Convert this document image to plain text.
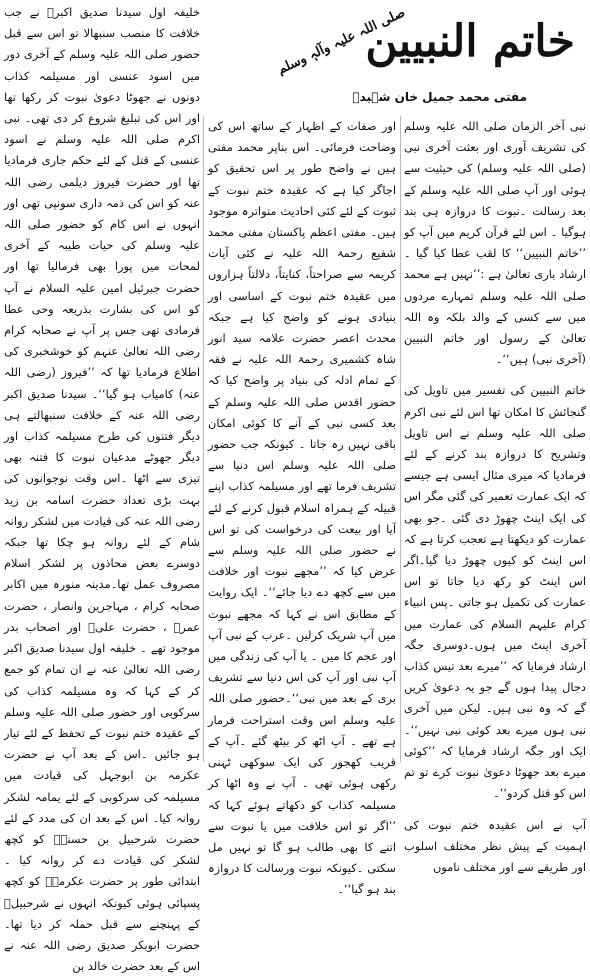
خاتم النبیین
صلی اللہ علیہ وآلہٖ وسلم
مفتی محمد جمیل خان شہیدؒ

نبی آخر الزمان صلی اللہ علیہ وسلم کی تشریف آوری اور بعثت آخری نبی (صلی اللہ علیہ وسلم) کی حیثیت سے ہوئی اور آپ صلی اللہ علیہ وسلم کے بعد رسالت ۔نبوت کا دروازہ ہی بند ہوگیا ۔ اس لئے قرآن کریم میں آپ کو ’’خاتم النبیین‘‘ کا لقب عطا کیا گیا ۔ ارشاد باری تعالیٰ ہے :’’نہیں ہے محمد صلی اللہ علیہ وسلم تمہارے مردوں میں سے کسی کے والد بلکہ وہ اللہ تعالیٰ کے رسول اور خاتم النبیین (آخری نبی) ہیں‘‘۔

خاتم النبیین کی تفسیر میں تاویل کی گنجائش کا امکان تھا اس لئے نبی اکرم صلی اللہ علیہ وسلم نے اس تاویل وتشریح کا دروازہ بند کرنے کے لئے فرمادیا کہ میری مثال ایسی ہے جیسے کہ ایک عمارت تعمیر کی گئی مگر اس کی ایک اینٹ چھوڑ دی گئی ۔جو بھی عمارت کو دیکھتا ہے تعجب کرتا ہے کہ اس اینٹ کو کیوں چھوڑ دیا گیا۔اگر اس اینٹ کو رکھ دیا جاتا تو اس عمارت کی تکمیل ہو جاتی ۔پس انبیاء کرام علیہم السلام کی عمارت میں آخری اینٹ میں ہوں۔دوسری جگہ ارشاد فرمایا کہ ’’میرے بعد تیس کذاب دجال پیدا ہوں گے جو یہ دعویٰ کریں گے کہ وہ نبی ہیں۔ لیکن میں آخری نبی ہوں میرے بعد کوئی نبی نہیں‘‘۔ایک اور جگہ ارشاد فرمایا کہ ’’کوئی میرے بعد جھوٹا دعویٰ نبوت کرے تو تم اس کو قتل کردو‘‘۔

آپ نے اس عقیدہ ختم نبوت کی اہمیت کے پیش نظر مختلف اسلوب اور طریقے سے اور مختلف ناموں

اور صفات کے اظہار کے ساتھ اس کی وضاحت فرمائی۔ اس بناپر محمد مفتی ہیں نے واضح طور پر اس تحقیق کو اجاگر کیا ہے کہ عقیدہ ختم نبوت کے ثبوت کے لئے کئی احادیث متواترہ موجود ہیں۔ مفتی اعظم پاکستان مفتی محمد شفیع رحمۃ اللہ علیہ نے کئی آیات کریمہ سے صراحتاً، کنایتاً، دلالتاً ہزاروں میں عقیدہ ختم نبوت کے اساسی اور بنیادی ہونے کو واضح کیا ہے جبکہ محدث اعصر حضرت علامہ سید انور شاہ کشمیری رحمۃ اللہ علیہ نے فقہ کے تمام ادلہ کی بنیاد پر واضح کیا کہ حضور اقدس صلی اللہ علیہ وسلم کے بعد کسی نبی کے آنے کا کوئی امکان باقی نہیں رہ جاتا ۔ کیونکہ جب حضور صلی اللہ علیہ وسلم اس دنیا سے تشریف فرما تھے اور مسیلمہ کذاب اپنے قبیلہ کے ہمراہ اسلام قبول کرنے کے لئے آیا اور بیعت کی درخواست کی تو اس نے حضور صلی اللہ علیہ وسلم سے عرض کیا کہ ’’مجھے نبوت اور خلافت میں سے کچھ دے دیا جائے‘‘۔ ایک روایت کے مطابق اس نے کہا کہ مجھے نبوت میں آپ شریک کرلیں ۔عرب کے نبی آپ اور عجم کا میں ۔ یا آپ کی زندگی میں آپ نبی اور آپ کی اس دنیا سے تشریف بری کے بعد میں نبی‘‘۔حضور صلی اللہ علیہ وسلم اس وقت استراحت فرمار ہے تھے ۔ آپ اٹھ کر بیٹھ گئے ۔آپ کے قریب کھجور کی ایک سوکھی ٹہنی رکھی ہوئی تھی ۔ آپ نے وہ اٹھا کر مسیلمہ کذاب کو دکھاتے ہوئے کہا کہ ’’اگر تو اس خلافت میں یا نبوت سے اتنے کا بھی طالب ہو گا تو نہیں مل سکتی ۔کیونکہ نبوت ورسالت کا دروازہ بند ہو گیا‘‘۔

خلیفہ اول سیدنا صدیق اکبرؓ نے جب خلافت کا منصب سنبھالا تو اس سے قبل حضور صلی اللہ علیہ وسلم کے آخری دور میں اسود عنسی اور مسیلمہ کذاب دونوں نے جھوٹا دعویٰ نبوت کر رکھا تھا اور اس کی تبلیغ شروع کر دی تھی۔ نبی اکرم صلی اللہ علیہ وسلم نے اسود عنسی کے قتل کے لئے حکم جاری فرمادیا تھا اور حضرت فیروز دیلمی رضی اللہ عنہ کو اس کی ذمہ داری سونپی تھی اور انہوں نے اس کام کو حضور صلی اللہ علیہ وسلم کی حیات طیبہ کے آخری لمحات میں پورا بھی فرمالیا تھا اور حضرت جبرئیل امین علیہ السلام نے آپ کو اس کی بشارت بذریعہ وحی عطا فرمادی تھی جس پر آپ نے صحابہ کرام رضی اللہ تعالیٰ عنہم کو خوشخبری کی اطلاع فرمادیا تھا کہ ’’فیروز (رضی اللہ عنہ) کامیاب ہو گیا‘‘۔ سیدنا صدیق اکبر رضی اللہ عنہ کے خلافت سنبھالتے ہی دیگر فتنوں کی طرح مسیلمہ کذاب اور دیگر جھوٹے مدعیان نبوت کا فتنہ بھی تیزی سے اٹھا ۔اس وقت نوجوانوں کی بہت بڑی تعداد حضرت اسامہ بن زید رضی اللہ عنہ کی قیادت میں لشکر روانہ شام کے لئے روانہ ہو چکا تھا جبکہ دوسرے بعض محاذوں پر لشکر اسلام مصروف عمل تھا۔مدینہ منورہ میں اکابر صحابہ کرام ، مہاجرین وانصار ، حضرت عمرؓ ، حضرت علیؓ اور اصحاب بدر موجود تھے ۔ خلیفہ اول سیدنا صدیق اکبر رضی اللہ تعالیٰ عنہ نے ان تمام کو جمع کر کے کہا کہ وہ مسیلمہ کذاب کی سرکوبی اور حضور صلی اللہ علیہ وسلم کے عقیدہ ختم نبوت کے تحفظ کے لئے تیار ہو جائیں ۔اس کے بعد آپ نے حضرت عکرمہ بن ابوجہل کی قیادت میں مسیلمہ کی سرکوبی کے لئے یمامہ لشکر روانہ کیا۔ اس کے بعد ان کی مدد کے لئے حضرت شرحبیل بن حسنہؓ کو کچھ لشکر کی قیادت دے کر روانہ کیا ۔ ابتدائی طور پر حضرت عکرمہؓ کو کچھ پسپائی ہوئی کیونکہ انہوں نے شرحبیلؓ کے پہنچنے سے قبل حملہ کر دیا تھا۔حضرت ابوبکر صدیق رضی اللہ عنہ نے اس کے بعد حضرت خالد بن
